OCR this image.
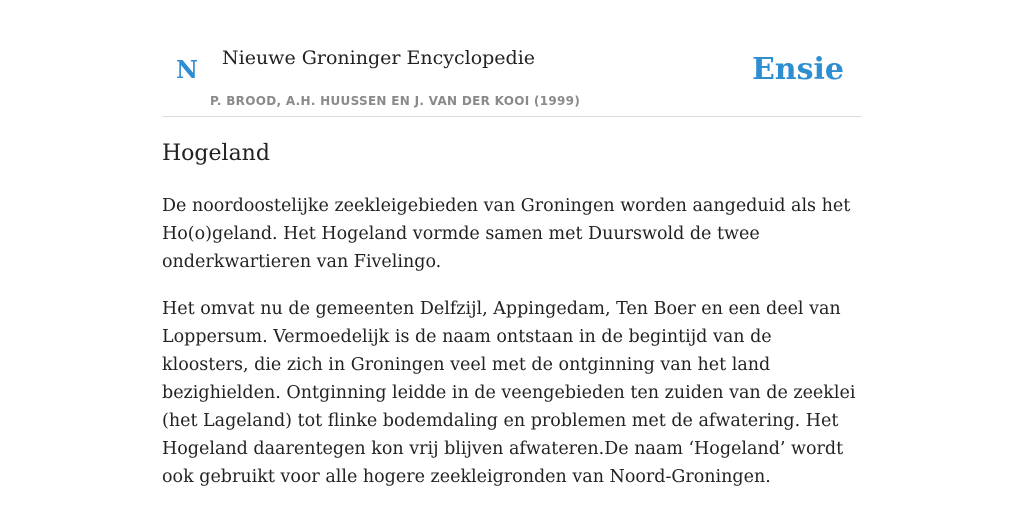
N Nieuwe Groninger Encyclopedie
P. BROOD, A.H. HUUSSEN EN J. VAN DER KOOI (1999)
Ensie
Hogeland

De noordoostelijke zeekleigebieden van Groningen worden aangeduid als het Ho(o)geland. Het Hogeland vormde samen met Duurswold de twee onderkwartieren van Fivelingo.

Het omvat nu de gemeenten Delfzijl, Appingedam, Ten Boer en een deel van Loppersum. Vermoedelijk is de naam ontstaan in de begintijd van de kloosters, die zich in Groningen veel met de ontginning van het land bezighielden. Ontginning leidde in de veengebieden ten zuiden van de zeeklei (het Lageland) tot flinke bodemdaling en problemen met de afwatering. Het Hogeland daarentegen kon vrij blijven afwateren.De naam ‘Hogeland’ wordt ook gebruikt voor alle hogere zeekleigronden van Noord-Groningen.
